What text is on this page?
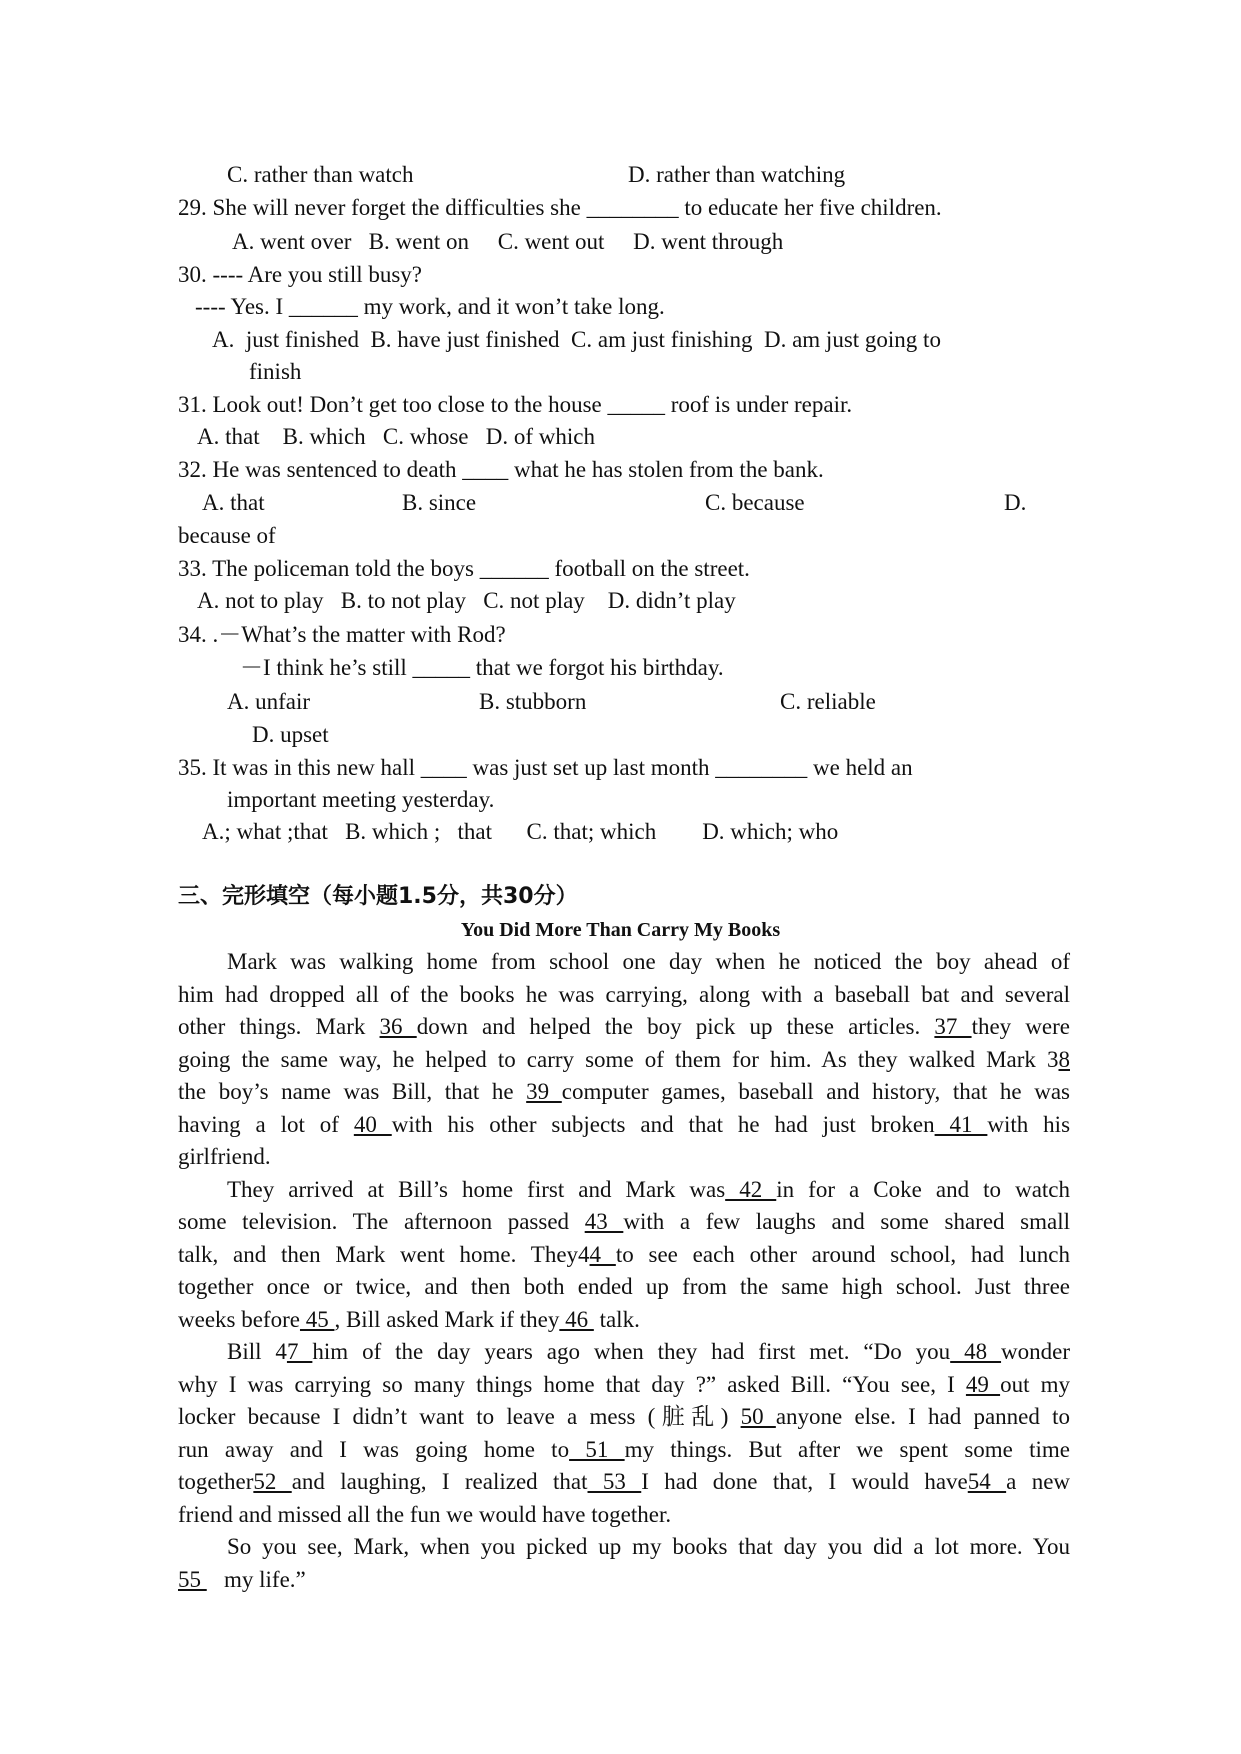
C. rather than watch	D. rather than watching
29. She will never forget the difficulties she ________ to educate her five children.
A. went over   B. went on     C. went out     D. went through
30. ---- Are you still busy?
---- Yes. I ______ my work, and it won’t take long.
A.  just finished  B. have just finished  C. am just finishing  D. am just going to
finish
31. Look out! Don’t get too close to the house _____ roof is under repair.
A. that    B. which   C. whose   D. of which
32. He was sentenced to death ____ what he has stolen from the bank.
A. that	B. since	C. because	D.
because of
33. The policeman told the boys ______ football on the street.
A. not to play   B. to not play   C. not play    D. didn’t play
34. .－What’s the matter with Rod?
－I think he’s still _____ that we forgot his birthday.
A. unfair	B. stubborn	C. reliable
D. upset
35. It was in this new hall ____ was just set up last month ________ we held an
important meeting yesterday.
A.; what ;that   B. which ;   that      C. that; which        D. which; who
三、完形填空（每小题1.5分，共30分）
You Did More Than Carry My Books
Mark was walking home from school one day when he noticed the boy ahead of
him had dropped all of the books he was carrying, along with a baseball bat and several
other things. Mark 36 down and helped the boy pick up these articles. 37 they were
going the same way, he helped to carry some of them for him. As they walked Mark 38
the boy’s name was Bill, that he 39 computer games, baseball and history, that he was
having a lot of 40 with his other subjects and that he had just broken 41 with his
girlfriend.
They arrived at Bill’s home first and Mark was 42 in for a Coke and to watch
some television. The afternoon passed 43 with a few laughs and some shared small
talk, and then Mark went home. They44 to see each other around school, had lunch
together once or twice, and then both ended up from the same high school. Just three
weeks before 45 , Bill asked Mark if they 46  talk.
Bill 47 him of the day years ago when they had first met. “Do you 48 wonder
why I was carrying so many things home that day ?” asked Bill. “You see, I 49 out my
locker because I didn’t want to leave a mess (脏乱) 50 anyone else. I had panned to
run away and I was going home to 51 my things. But after we spent some time
together52 and laughing, I realized that 53 I had done that, I would have54 a new
friend and missed all the fun we would have together.
So you see, Mark, when you picked up my books that day you did a lot more. You
55    my life.”
